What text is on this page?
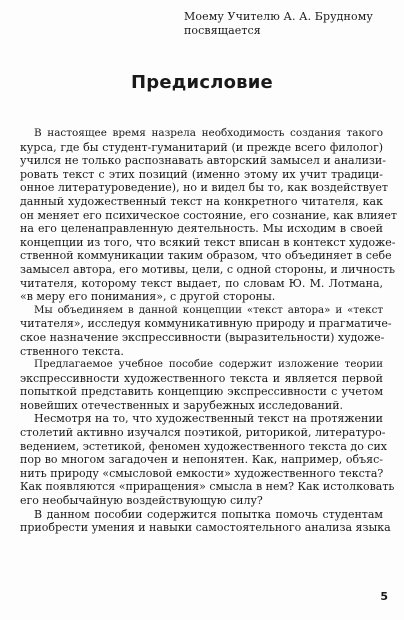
Моему Учителю А. А. Брудному
посвящается
Предисловие
В настоящее время назрела необходимость создания такого
курса, где бы студент-гуманитарий (и прежде всего филолог)
учился не только распознавать авторский замысел и анализи-
ровать текст с этих позиций (именно этому их учит традици-
онное литературоведение), но и видел бы то, как воздействует
данный художественный текст на конкретного читателя, как
он меняет его психическое состояние, его сознание, как влияет
на его целенаправленную деятельность. Мы исходим в своей
концепции из того, что всякий текст вписан в контекст художе-
ственной коммуникации таким образом, что объединяет в себе
замысел автора, его мотивы, цели, с одной стороны, и личность
читателя, которому текст выдает, по словам Ю. М. Лотмана,
«в меру его понимания», с другой стороны.
Мы объединяем в данной концепции «текст автора» и «текст
читателя», исследуя коммуникативную природу и прагматиче-
ское назначение экспрессивности (выразительности) художе-
ственного текста.
Предлагаемое учебное пособие содержит изложение теории
экспрессивности художественного текста и является первой
попыткой представить концепцию экспрессивности с учетом
новейших отечественных и зарубежных исследований.
Несмотря на то, что художественный текст на протяжении
столетий активно изучался поэтикой, риторикой, литературо-
ведением, эстетикой, феномен художественного текста до сих
пор во многом загадочен и непонятен. Как, например, объяс-
нить природу «смысловой емкости» художественного текста?
Как появляются «приращения» смысла в нем? Как истолковать
его необычайную воздействующую силу?
В данном пособии содержится попытка помочь студентам
приобрести умения и навыки самостоятельного анализа языка
5
